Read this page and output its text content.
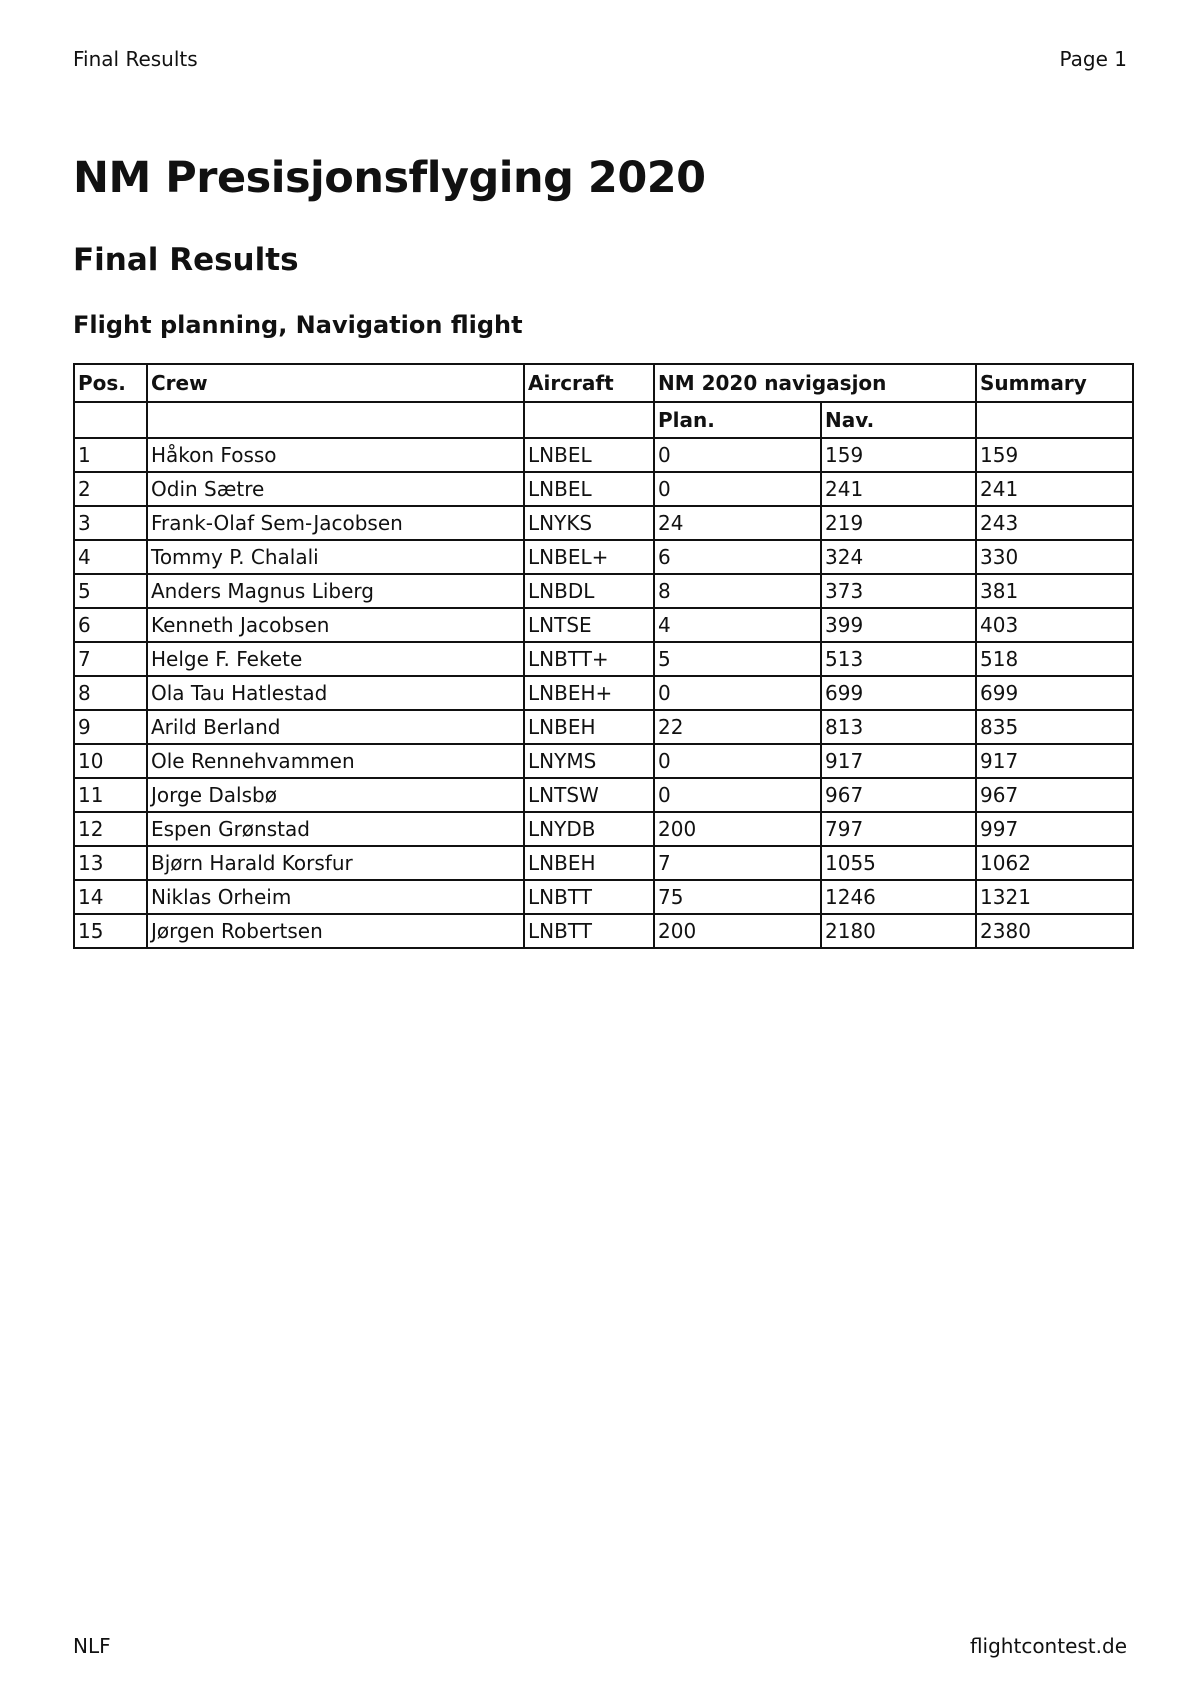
Final Results	Page 1
NM Presisjonsflyging 2020
Final Results
Flight planning, Navigation flight
Pos.	Crew	Aircraft	NM 2020 navigasjon		Summary
			Plan.	Nav.	
1	Håkon Fosso	LNBEL	0	159	159
2	Odin Sætre	LNBEL	0	241	241
3	Frank-Olaf Sem-Jacobsen	LNYKS	24	219	243
4	Tommy P. Chalali	LNBEL+	6	324	330
5	Anders Magnus Liberg	LNBDL	8	373	381
6	Kenneth Jacobsen	LNTSE	4	399	403
7	Helge F. Fekete	LNBTT+	5	513	518
8	Ola Tau Hatlestad	LNBEH+	0	699	699
9	Arild Berland	LNBEH	22	813	835
10	Ole Rennehvammen	LNYMS	0	917	917
11	Jorge Dalsbø	LNTSW	0	967	967
12	Espen Grønstad	LNYDB	200	797	997
13	Bjørn Harald Korsfur	LNBEH	7	1055	1062
14	Niklas Orheim	LNBTT	75	1246	1321
15	Jørgen Robertsen	LNBTT	200	2180	2380
NLF	flightcontest.de
